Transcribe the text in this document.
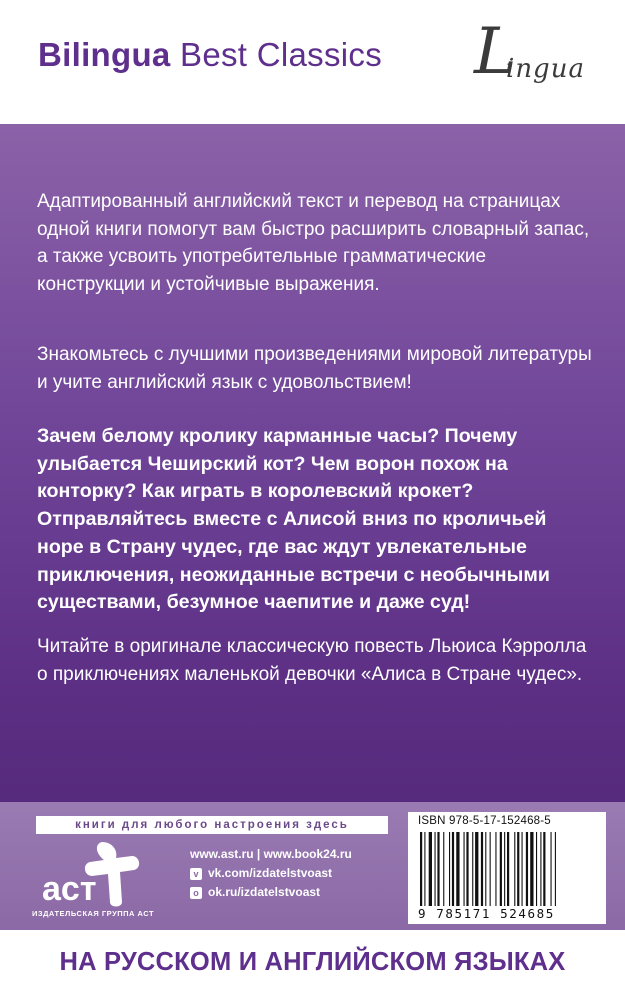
Bilingua Best Classics L
ingua
Адаптированный английский текст и перевод на страницах одной книги помогут вам быстро расширить словарный запас, а также усвоить употребительные грамматические конструкции и устойчивые выражения.
Знакомьтесь с лучшими произведениями мировой литературы и учите английский язык с удовольствием!
Зачем белому кролику карманные часы? Почему улыбается Чеширский кот? Чем ворон похож на конторку? Как играть в королевский крокет? Отправляйтесь вместе с Алисой вниз по кроличьей норе в Страну чудес, где вас ждут увлекательные приключения, неожиданные встречи с необычными существами, безумное чаепитие и даже суд!
Читайте в оригинале классическую повесть Льюиса Кэрролла о приключениях маленькой девочки «Алиса в Стране чудес».
книги для любого настроения здесь
аст
ИЗДАТЕЛЬСКАЯ ГРУППА АСТ
www.ast.ru | www.book24.ru
v vk.com/izdatelstvoast
o ok.ru/izdatelstvoast
ISBN 978-5-17-152468-5
9 785171 524685
НА РУССКОМ И АНГЛИЙСКОМ ЯЗЫКАХ
